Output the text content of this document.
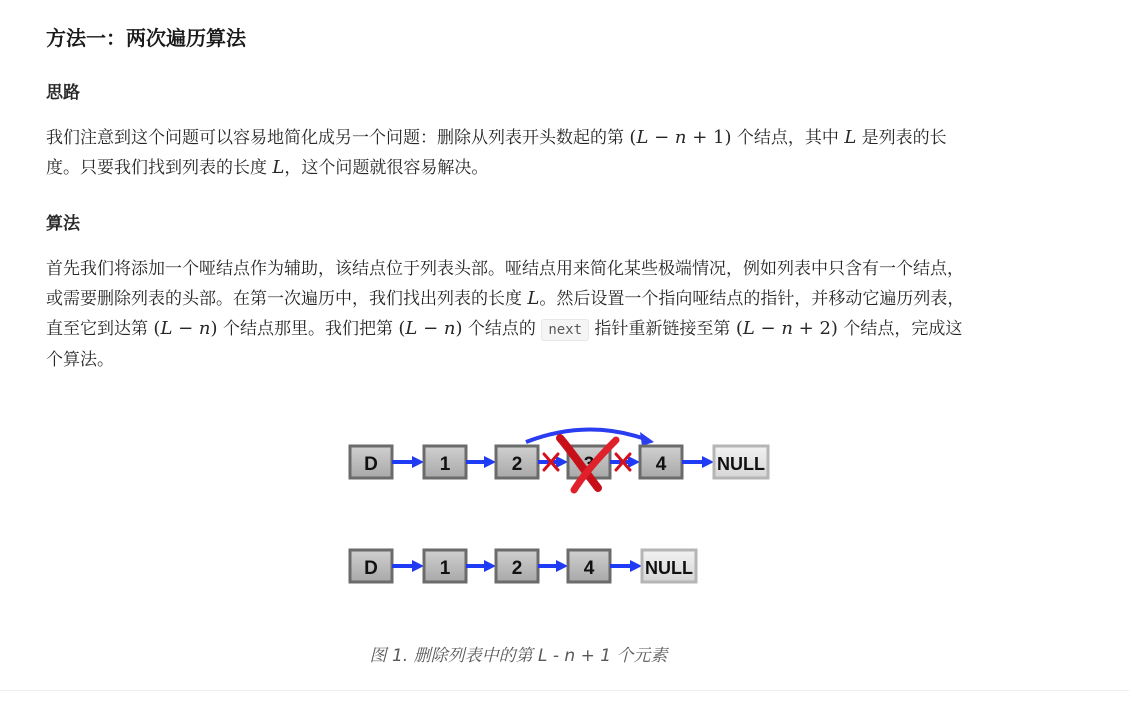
方法一：两次遍历算法
思路

我们注意到这个问题可以容易地简化成另一个问题：删除从列表开头数起的第 (L − n + 1) 个结点，其中 L 是列表的长
度。只要我们找到列表的长度 L，这个问题就很容易解决。

算法

首先我们将添加一个哑结点作为辅助，该结点位于列表头部。哑结点用来简化某些极端情况，例如列表中只含有一个结点，
或需要删除列表的头部。在第一次遍历中，我们找出列表的长度 L。然后设置一个指向哑结点的指针，并移动它遍历列表，
直至它到达第 (L − n) 个结点那里。我们把第 (L − n) 个结点的 next 指针重新链接至第 (L − n + 2) 个结点，完成这
个算法。

D	1	2	3	4	NULL
D	1	2	4	NULL
图 1. 删除列表中的第 L - n + 1 个元素
